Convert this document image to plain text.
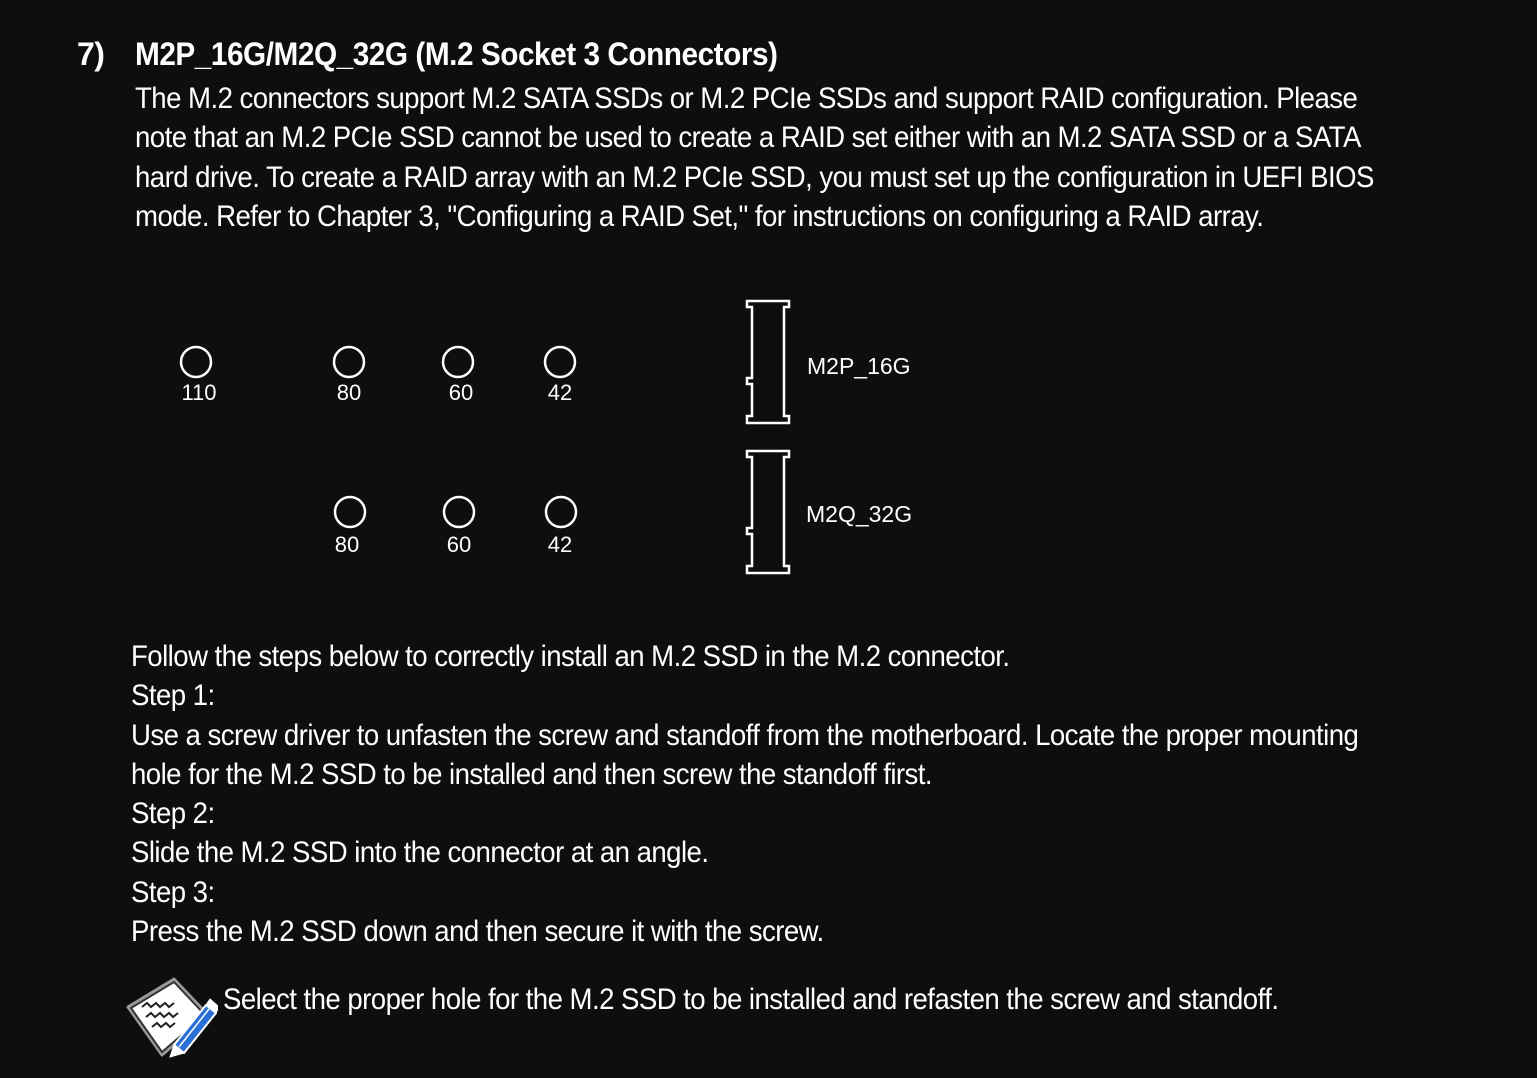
7) M2P_16G/M2Q_32G (M.2 Socket 3 Connectors)
The M.2 connectors support M.2 SATA SSDs or M.2 PCIe SSDs and support RAID configuration. Please
note that an M.2 PCIe SSD cannot be used to create a RAID set either with an M.2 SATA SSD or a SATA
hard drive. To create a RAID array with an M.2 PCIe SSD, you must set up the configuration in UEFI BIOS
mode. Refer to Chapter 3, "Configuring a RAID Set," for instructions on configuring a RAID array.
110	80	60	42
80	60	42
M2P_16G
M2Q_32G
Follow the steps below to correctly install an M.2 SSD in the M.2 connector.
Step 1:
Use a screw driver to unfasten the screw and standoff from the motherboard. Locate the proper mounting
hole for the M.2 SSD to be installed and then screw the standoff first.
Step 2:
Slide the M.2 SSD into the connector at an angle.
Step 3:
Press the M.2 SSD down and then secure it with the screw.
Select the proper hole for the M.2 SSD to be installed and refasten the screw and standoff.
